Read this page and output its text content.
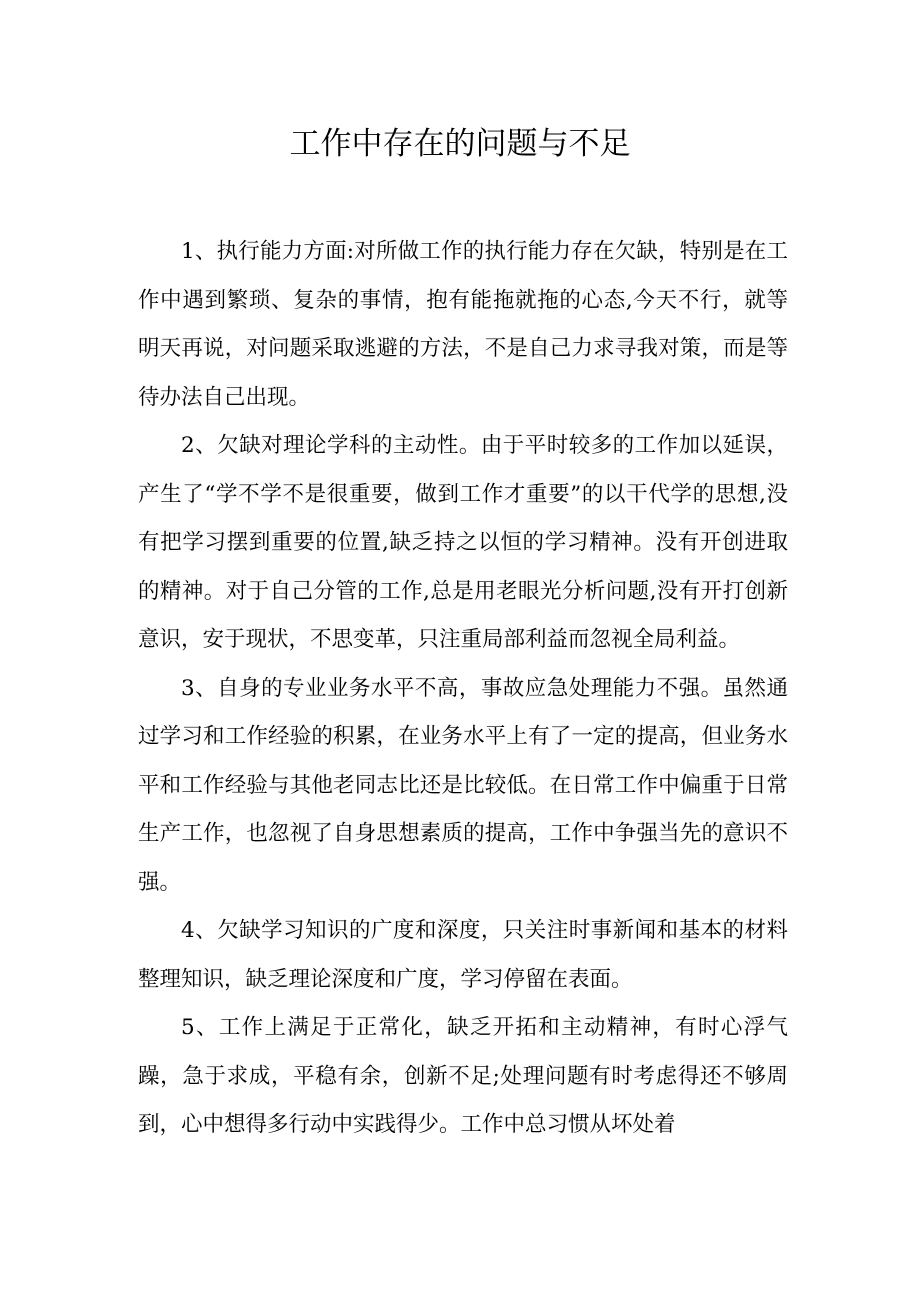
工作中存在的问题与不足

1、执行能力方面:对所做工作的执行能力存在欠缺，特别是在工作中遇到繁琐、复杂的事情，抱有能拖就拖的心态,今天不行，就等明天再说，对问题采取逃避的方法，不是自己力求寻我对策，而是等待办法自己出现。

2、欠缺对理论学科的主动性。由于平时较多的工作加以延误，产生了“学不学不是很重要，做到工作才重要”的以干代学的思想,没有把学习摆到重要的位置,缺乏持之以恒的学习精神。没有开创进取的精神。对于自己分管的工作,总是用老眼光分析问题,没有开打创新意识，安于现状，不思变革，只注重局部利益而忽视全局利益。

3、自身的专业业务水平不高，事故应急处理能力不强。虽然通过学习和工作经验的积累，在业务水平上有了一定的提高，但业务水平和工作经验与其他老同志比还是比较低。在日常工作中偏重于日常生产工作，也忽视了自身思想素质的提高，工作中争强当先的意识不强。

4、欠缺学习知识的广度和深度，只关注时事新闻和基本的材料整理知识，缺乏理论深度和广度，学习停留在表面。

5、工作上满足于正常化，缺乏开拓和主动精神，有时心浮气躁，急于求成，平稳有余，创新不足;处理问题有时考虑得还不够周到，心中想得多行动中实践得少。工作中总习惯从坏处着
